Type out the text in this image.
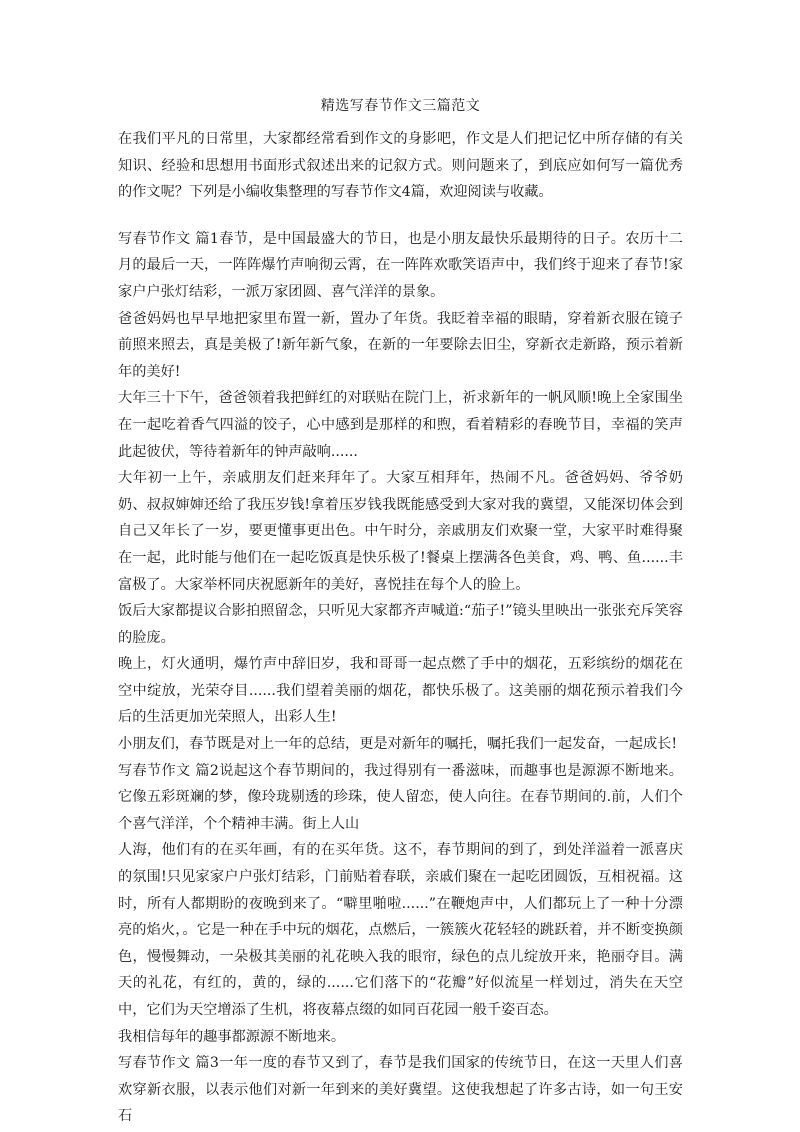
精选写春节作文三篇范文

在我们平凡的日常里，大家都经常看到作文的身影吧，作文是人们把记忆中所存储的有关知识、经验和思想用书面形式叙述出来的记叙方式。则问题来了，到底应如何写一篇优秀的作文呢？下列是小编收集整理的写春节作文4篇，欢迎阅读与收藏。

写春节作文 篇1春节，是中国最盛大的节日，也是小朋友最快乐最期待的日子。农历十二月的最后一天，一阵阵爆竹声响彻云霄，在一阵阵欢歌笑语声中，我们终于迎来了春节!家家户户张灯结彩，一派万家团圆、喜气洋洋的景象。

爸爸妈妈也早早地把家里布置一新，置办了年货。我眨着幸福的眼睛，穿着新衣服在镜子前照来照去，真是美极了!新年新气象，在新的一年要除去旧尘，穿新衣走新路，预示着新年的美好!

大年三十下午，爸爸领着我把鲜红的对联贴在院门上，祈求新年的一帆风顺!晚上全家围坐在一起吃着香气四溢的饺子，心中感到是那样的和煦，看着精彩的春晚节目，幸福的笑声此起彼伏，等待着新年的钟声敲响......

大年初一上午，亲戚朋友们赶来拜年了。大家互相拜年，热闹不凡。爸爸妈妈、爷爷奶奶、叔叔婶婶还给了我压岁钱!拿着压岁钱我既能感受到大家对我的冀望，又能深切体会到自己又年长了一岁，要更懂事更出色。中午时分，亲戚朋友们欢聚一堂，大家平时难得聚在一起，此时能与他们在一起吃饭真是快乐极了!餐桌上摆满各色美食，鸡、鸭、鱼......丰富极了。大家举杯同庆祝愿新年的美好，喜悦挂在每个人的脸上。

饭后大家都提议合影拍照留念，只听见大家都齐声喊道:“茄子!”镜头里映出一张张充斥笑容的脸庞。

晚上，灯火通明，爆竹声中辞旧岁，我和哥哥一起点燃了手中的烟花，五彩缤纷的烟花在空中绽放，光荣夺目......我们望着美丽的烟花，都快乐极了。这美丽的烟花预示着我们今后的生活更加光荣照人，出彩人生!

小朋友们，春节既是对上一年的总结，更是对新年的嘱托，嘱托我们一起发奋，一起成长!

写春节作文 篇2说起这个春节期间的，我过得别有一番滋味，而趣事也是源源不断地来。它像五彩斑斓的梦，像玲珑剔透的珍珠，使人留恋，使人向往。在春节期间的.前，人们个个喜气洋洋，个个精神丰满。街上人山

人海，他们有的在买年画，有的在买年货。这不，春节期间的到了，到处洋溢着一派喜庆的氛围!只见家家户户张灯结彩，门前贴着春联，亲戚们聚在一起吃团圆饭，互相祝福。这时，所有人都期盼的夜晚到来了。“噼里啪啦......”在鞭炮声中，人们都玩上了一种十分漂亮的焰火，。它是一种在手中玩的烟花，点燃后，一簇簇火花轻轻的跳跃着，并不断变换颜色，慢慢舞动，一朵极其美丽的礼花映入我的眼帘，绿色的点儿绽放开来，艳丽夺目。满天的礼花，有红的，黄的，绿的......它们落下的“花瓣”好似流星一样划过，消失在天空中，它们为天空增添了生机，将夜幕点缀的如同百花园一般千姿百态。

我相信每年的趣事都源源不断地来。

写春节作文 篇3一年一度的春节又到了，春节是我们国家的传统节日，在这一天里人们喜欢穿新衣服，以表示他们对新一年到来的美好冀望。这使我想起了许多古诗，如一句王安石
